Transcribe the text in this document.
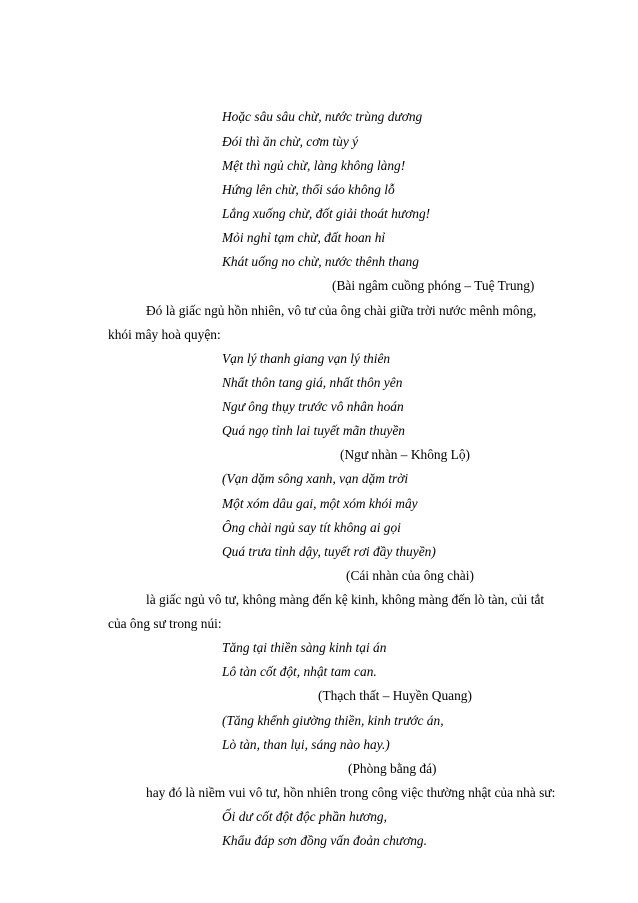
Hoặc sâu sâu chừ, nước trùng dương
Đói thì ăn chừ, cơm tùy ý
Mệt thì ngủ chừ, làng không làng!
Hứng lên chừ, thổi sáo không lỗ
Lắng xuống chừ, đốt giải thoát hương!
Mỏi nghỉ tạm chừ, đất hoan hỉ
Khát uống no chừ, nước thênh thang
(Bài ngâm cuồng phóng – Tuệ Trung)
Đó là giấc ngủ hồn nhiên, vô tư của ông chài giữa trời nước mênh mông,
khói mây hoà quyện:
Vạn lý thanh giang vạn lý thiên
Nhất thôn tang giá, nhất thôn yên
Ngư ông thụy trước vô nhân hoán
Quá ngọ tỉnh lai tuyết mãn thuyền
(Ngư nhàn – Không Lộ)
(Vạn dặm sông xanh, vạn dặm trời
Một xóm dâu gai, một xóm khói mây
Ông chài ngủ say tít không ai gọi
Quá trưa tỉnh dậy, tuyết rơi đầy thuyền)
(Cái nhàn của ông chài)
là giấc ngủ vô tư, không màng đến kệ kinh, không màng đến lò tàn, củi tắt
của ông sư trong núi:
Tăng tại thiền sàng kinh tại án
Lô tàn cốt đột, nhật tam can.
(Thạch thất – Huyền Quang)
(Tăng khểnh giường thiền, kinh trước án,
Lò tàn, than lụi, sáng nào hay.)
(Phòng bằng đá)
hay đó là niềm vui vô tư, hồn nhiên trong công việc thường nhật của nhà sư:
Ối dư cốt đột độc phần hương,
Khẩu đáp sơn đồng vấn đoản chương.
